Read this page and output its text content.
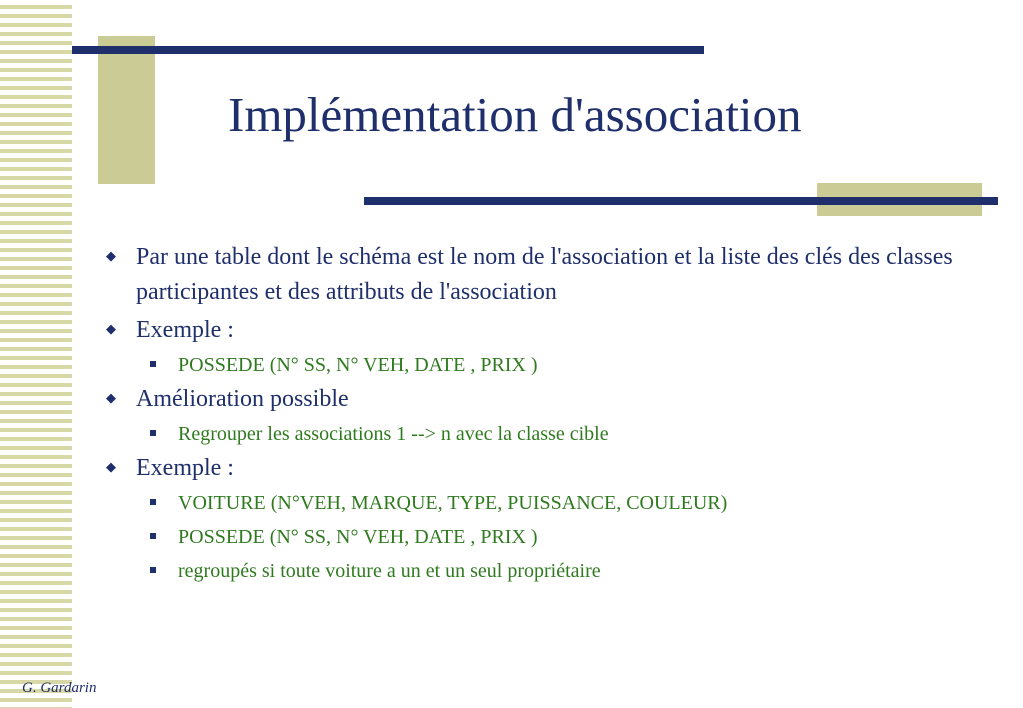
Implémentation d'association
◆ Par une table dont le schéma est le nom de l'association et la liste des clés des classes participantes et des attributs de l'association
◆ Exemple :
POSSEDE (N° SS, N° VEH, DATE , PRIX )
◆ Amélioration possible
Regrouper les associations 1 --> n avec la classe cible
◆ Exemple :
VOITURE (N°VEH, MARQUE, TYPE, PUISSANCE, COULEUR)
POSSEDE (N° SS, N° VEH, DATE , PRIX )
regroupés si toute voiture a un et un seul propriétaire
G. Gardarin
